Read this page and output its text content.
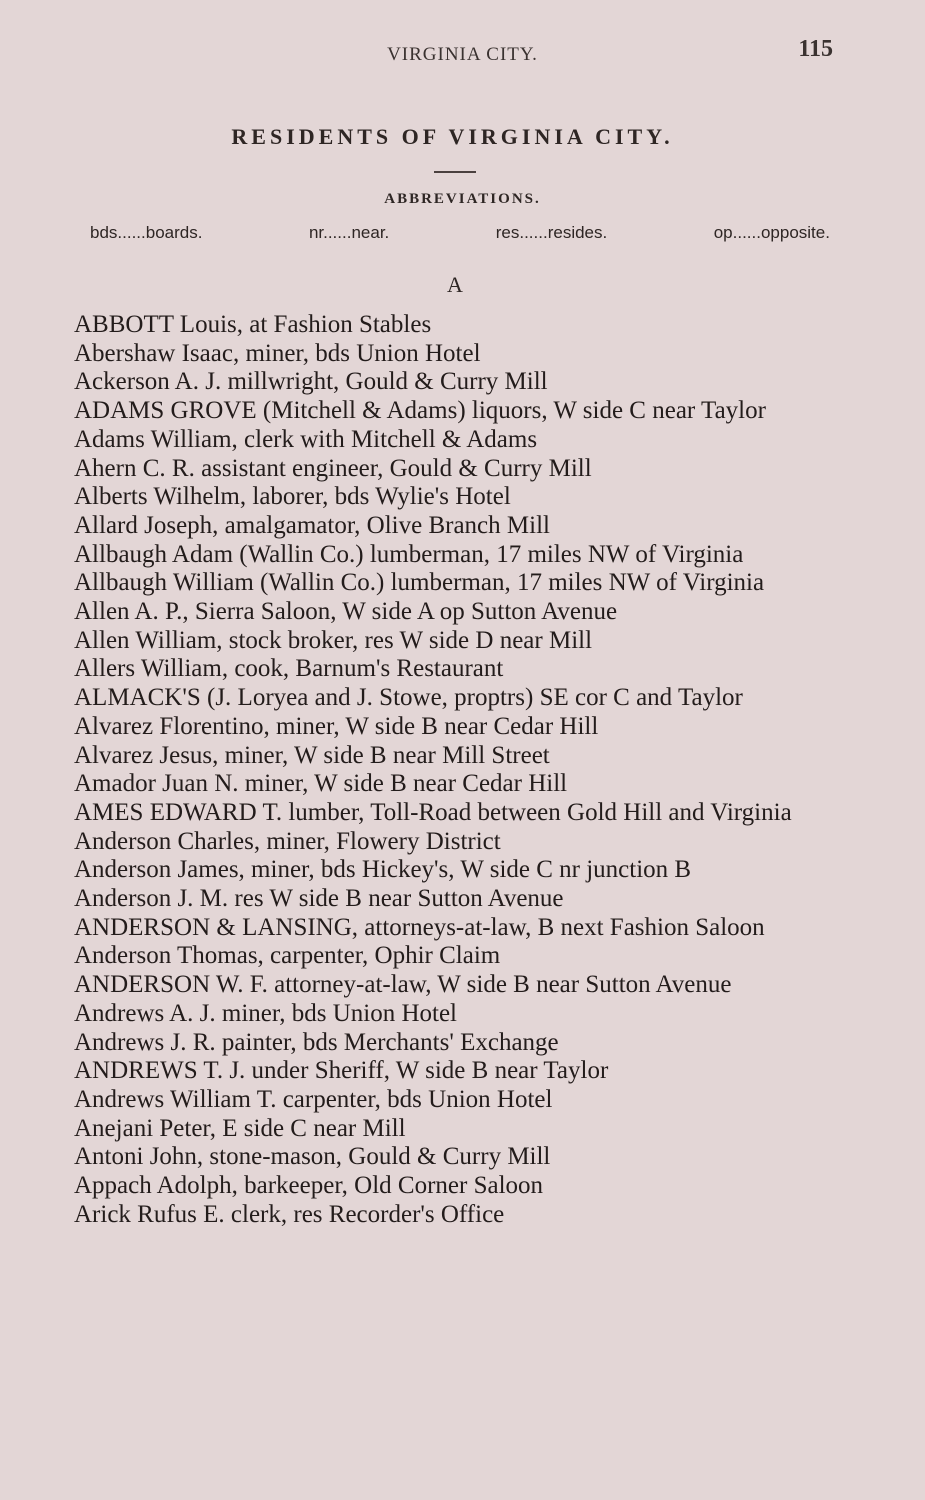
VIRGINIA CITY.	115
RESIDENTS OF VIRGINIA CITY.
ABBREVIATIONS.
bds......boards.	nr......near.	res......resides.	op......opposite.
A

ABBOTT Louis, at Fashion Stables

Abershaw Isaac, miner, bds Union Hotel

Ackerson A. J. millwright, Gould & Curry Mill

ADAMS GROVE (Mitchell & Adams) liquors, W side C near Taylor

Adams William, clerk with Mitchell & Adams

Ahern C. R. assistant engineer, Gould & Curry Mill

Alberts Wilhelm, laborer, bds Wylie's Hotel

Allard Joseph, amalgamator, Olive Branch Mill

Allbaugh Adam (Wallin Co.) lumberman, 17 miles NW of Virginia

Allbaugh William (Wallin Co.) lumberman, 17 miles NW of Virginia

Allen A. P., Sierra Saloon, W side A op Sutton Avenue

Allen William, stock broker, res W side D near Mill

Allers William, cook, Barnum's Restaurant

ALMACK'S (J. Loryea and J. Stowe, proptrs) SE cor C and Taylor

Alvarez Florentino, miner, W side B near Cedar Hill

Alvarez Jesus, miner, W side B near Mill Street

Amador Juan N. miner, W side B near Cedar Hill

AMES EDWARD T. lumber, Toll-Road between Gold Hill and Virginia

Anderson Charles, miner, Flowery District

Anderson James, miner, bds Hickey's, W side C nr junction B

Anderson J. M. res W side B near Sutton Avenue

ANDERSON & LANSING, attorneys-at-law, B next Fashion Saloon

Anderson Thomas, carpenter, Ophir Claim

ANDERSON W. F. attorney-at-law, W side B near Sutton Avenue

Andrews A. J. miner, bds Union Hotel

Andrews J. R. painter, bds Merchants' Exchange

ANDREWS T. J. under Sheriff, W side B near Taylor

Andrews William T. carpenter, bds Union Hotel

Anejani Peter, E side C near Mill

Antoni John, stone-mason, Gould & Curry Mill

Appach Adolph, barkeeper, Old Corner Saloon

Arick Rufus E. clerk, res Recorder's Office
